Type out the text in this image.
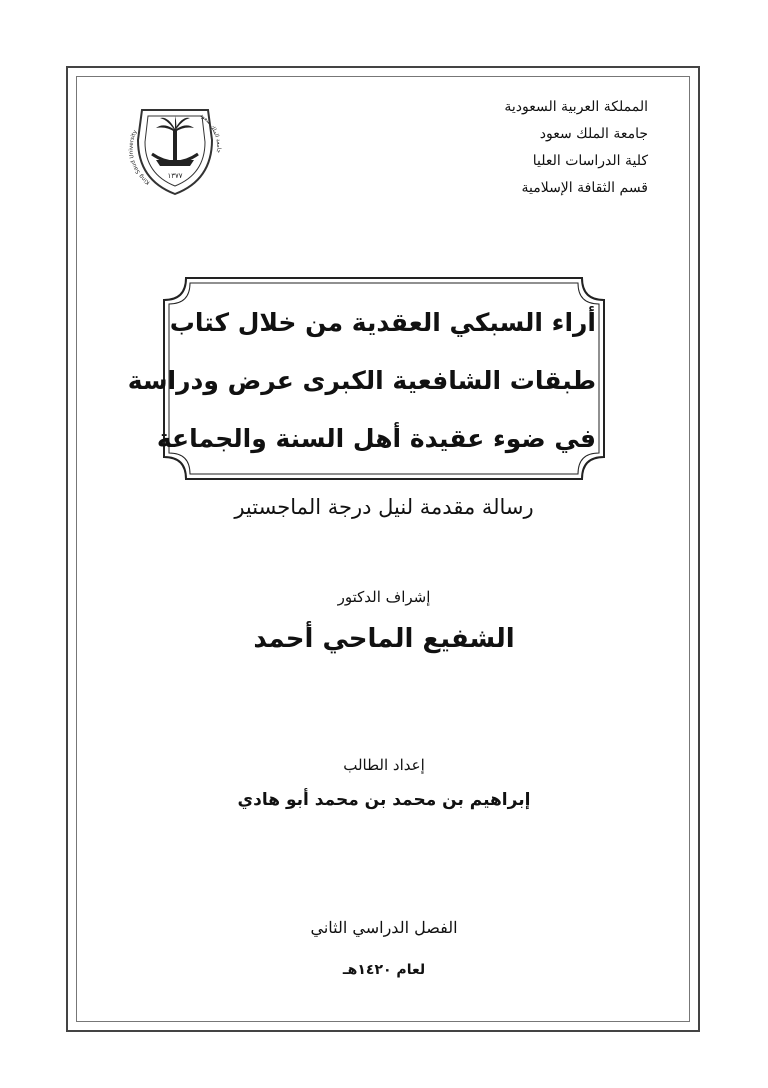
المملكة العربية السعودية
جامعة الملك سعود
كلية الدراسات العليا
قسم الثقافة الإسلامية
جامعة الملك سعود
King Saud University
١٣٧٧
أراء السبكي العقدية من خلال كتاب
طبقات الشافعية الكبرى عرض ودراسة
في ضوء عقيدة أهل السنة والجماعة
رسالة مقدمة لنيل درجة الماجستير
إشراف الدكتور
الشفيع الماحي أحمد
إعداد الطالب
إبراهيم بن محمد بن محمد أبو هادي
الفصل الدراسي الثاني
لعام ١٤٢٠هـ
